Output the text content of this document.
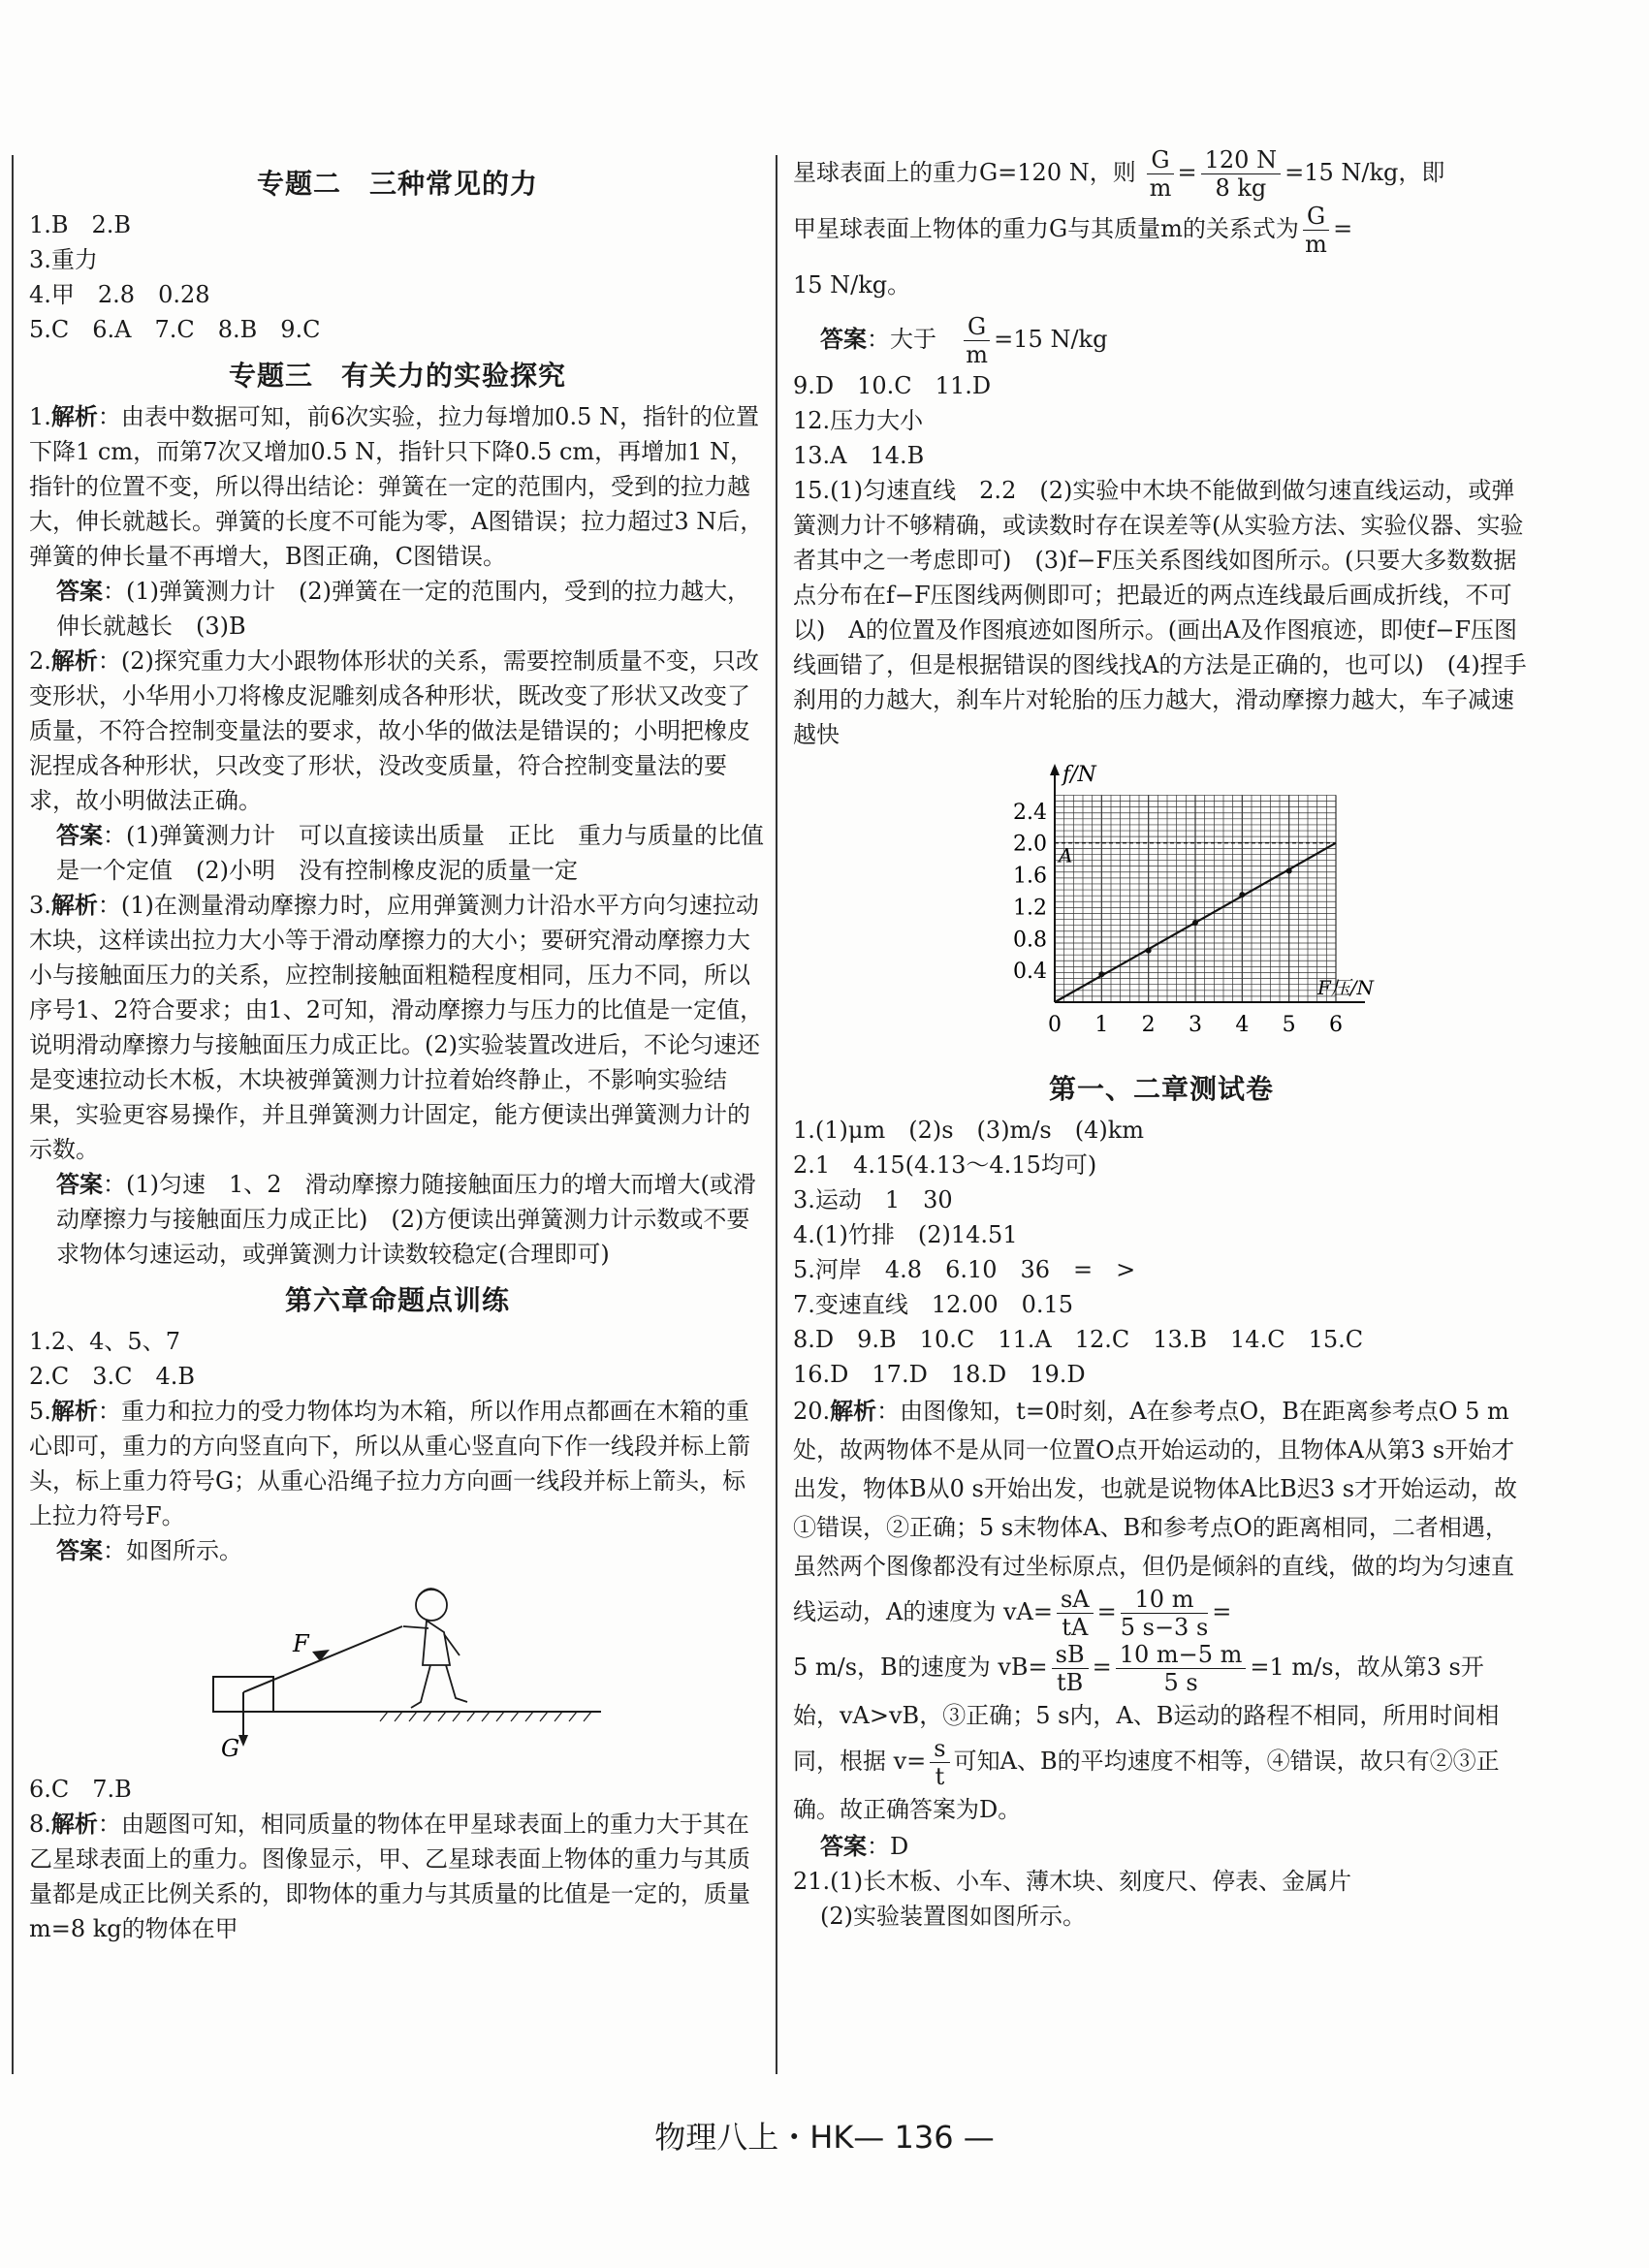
专题二　三种常见的力
1.B　2.B
3.重力
4.甲　2.8　0.28
5.C　6.A　7.C　8.B　9.C
专题三　有关力的实验探究
1.解析：由表中数据可知，前6次实验，拉力每增加0.5 N，指针的位置下降1 cm，而第7次又增加0.5 N，指针只下降0.5 cm，再增加1 N，指针的位置不变，所以得出结论：弹簧在一定的范围内，受到的拉力越大，伸长就越长。弹簧的长度不可能为零，A图错误；拉力超过3 N后，弹簧的伸长量不再增大，B图正确，C图错误。
答案：(1)弹簧测力计　(2)弹簧在一定的范围内，受到的拉力越大，伸长就越长　(3)B
2.解析：(2)探究重力大小跟物体形状的关系，需要控制质量不变，只改变形状，小华用小刀将橡皮泥雕刻成各种形状，既改变了形状又改变了质量，不符合控制变量法的要求，故小华的做法是错误的；小明把橡皮泥捏成各种形状，只改变了形状，没改变质量，符合控制变量法的要求，故小明做法正确。
答案：(1)弹簧测力计　可以直接读出质量　正比　重力与质量的比值是一个定值　(2)小明　没有控制橡皮泥的质量一定
3.解析：(1)在测量滑动摩擦力时，应用弹簧测力计沿水平方向匀速拉动木块，这样读出拉力大小等于滑动摩擦力的大小；要研究滑动摩擦力大小与接触面压力的关系，应控制接触面粗糙程度相同，压力不同，所以序号1、2符合要求；由1、2可知，滑动摩擦力与压力的比值是一定值，说明滑动摩擦力与接触面压力成正比。(2)实验装置改进后，不论匀速还是变速拉动长木板，木块被弹簧测力计拉着始终静止，不影响实验结果，实验更容易操作，并且弹簧测力计固定，能方便读出弹簧测力计的示数。
答案：(1)匀速　1、2　滑动摩擦力随接触面压力的增大而增大(或滑动摩擦力与接触面压力成正比)　(2)方便读出弹簧测力计示数或不要求物体匀速运动，或弹簧测力计读数较稳定(合理即可)
第六章命题点训练
1.2、4、5、7
2.C　3.C　4.B
5.解析：重力和拉力的受力物体均为木箱，所以作用点都画在木箱的重心即可，重力的方向竖直向下，所以从重心竖直向下作一线段并标上箭头，标上重力符号G；从重心沿绳子拉力方向画一线段并标上箭头，标上拉力符号F。
答案：如图所示。
F
G
6.C　7.B
8.解析：由题图可知，相同质量的物体在甲星球表面上的重力大于其在乙星球表面上的重力。图像显示，甲、乙星球表面上物体的重力与其质量都是成正比例关系的，即物体的重力与其质量的比值是一定的，质量m=8 kg的物体在甲
星球表面上的重力G=120 N，则 $\frac{G}{m} = \frac{120 N}{8 kg} =15$ N/kg，即
甲星球表面上物体的重力G与其质量m的关系式为 $\frac{G}{m}$ =
15 N/kg。
答案：大于　 $\frac{G}{m} =15$ N/kg
9.D　10.C　11.D
12.压力大小
13.A　14.B
15.(1)匀速直线　2.2　(2)实验中木块不能做到做匀速直线运动，或弹簧测力计不够精确，或读数时存在误差等(从实验方法、实验仪器、实验者其中之一考虑即可)　(3)f−F压关系图线如图所示。(只要大多数数据点分布在f−F压图线两侧即可；把最近的两点连线最后画成折线，不可以)　A的位置及作图痕迹如图所示。(画出A及作图痕迹，即使f−F压图线画错了，但是根据错误的图线找A的方法是正确的，也可以)　(4)捏手刹用的力越大，刹车片对轮胎的压力越大，滑动摩擦力越大，车子减速越快
0 1 2 3 4 5 6
0.4
0.8
1.2
1.6
2.0
2.4
f/N
F压/N
A
第一、二章测试卷
1.(1)μm　(2)s　(3)m/s　(4)km
2.1　4.15(4.13～4.15均可)
3.运动　1　30
4.(1)竹排　(2)14.51
5.河岸　4.8　6.10　36　=　>
7.变速直线　12.00　0.15
8.D　9.B　10.C　11.A　12.C　13.B　14.C　15.C
16.D　17.D　18.D　19.D
20.解析：由图像知，t=0时刻，A在参考点O，B在距离参考点O 5 m处，故两物体不是从同一位置O点开始运动的，且物体A从第3 s开始才出发，物体B从0 s开始出发，也就是说物体A比B迟3 s才开始运动，故①错误，②正确；5 s末物体A、B和参考点O的距离相同，二者相遇，虽然两个图像都没有过坐标原点，但仍是倾斜的直线，做的均为匀速直线运动，A的速度为 $vA= \frac{sA}{tA} = \frac{10 m}{5 s-3 s}$ =
5 m/s，B的速度为 $vB= \frac{sB}{tB} = \frac{10 m-5 m}{5 s} =1$ m/s，故从第3 s开始，vA>vB，③正确；5 s内，A、B运动的路程不相同，所用时间相同，根据 $v= \frac{s}{t}$ 可知A、B的平均速度不相等，④错误，故只有②③正确。故正确答案为D。
答案：D
21.(1)长木板、小车、薄木块、刻度尺、停表、金属片
(2)实验装置图如图所示。
物理八上・HK— 136 —
